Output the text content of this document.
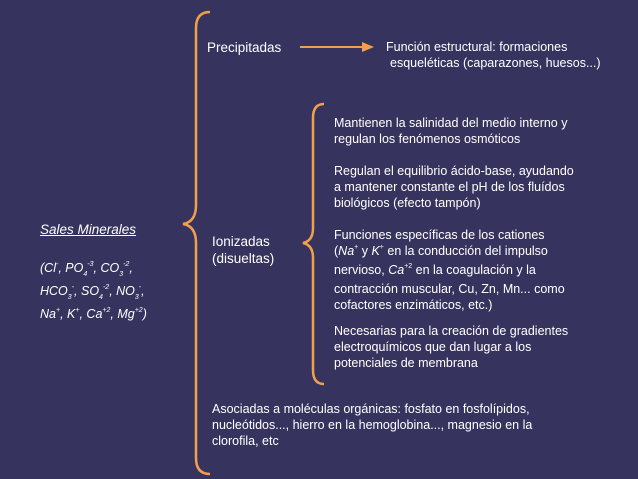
Sales Minerales
(Cl-, $PO_4^{-3}$, $CO_3^{-2}$,
$HCO_3^-$, $SO_4^{-2}$, $NO_3^-$,
Na+, K+, $Ca^{+2}$, $Mg^{+2}$)
Precipitadas	Función estructural: formaciones
esqueléticas (caparazones, huesos...)
Ionizadas
(disueltas)
Mantienen la salinidad del medio interno y
regulan los fenómenos osmóticos
Regulan el equilibrio ácido-base, ayudando
a mantener constante el pH de los fluídos
biológicos (efecto tampón)
Funciones específicas de los cationes
(Na+ y K+ en la conducción del impulso
nervioso, $Ca^{+2}$ en la coagulación y la
contracción muscular, Cu, Zn, Mn... como
cofactores enzimáticos, etc.)
Necesarias para la creación de gradientes
electroquímicos que dan lugar a los
potenciales de membrana
Asociadas a moléculas orgánicas: fosfato en fosfolípidos,
nucleótidos..., hierro en la hemoglobina..., magnesio en la
clorofila, etc
